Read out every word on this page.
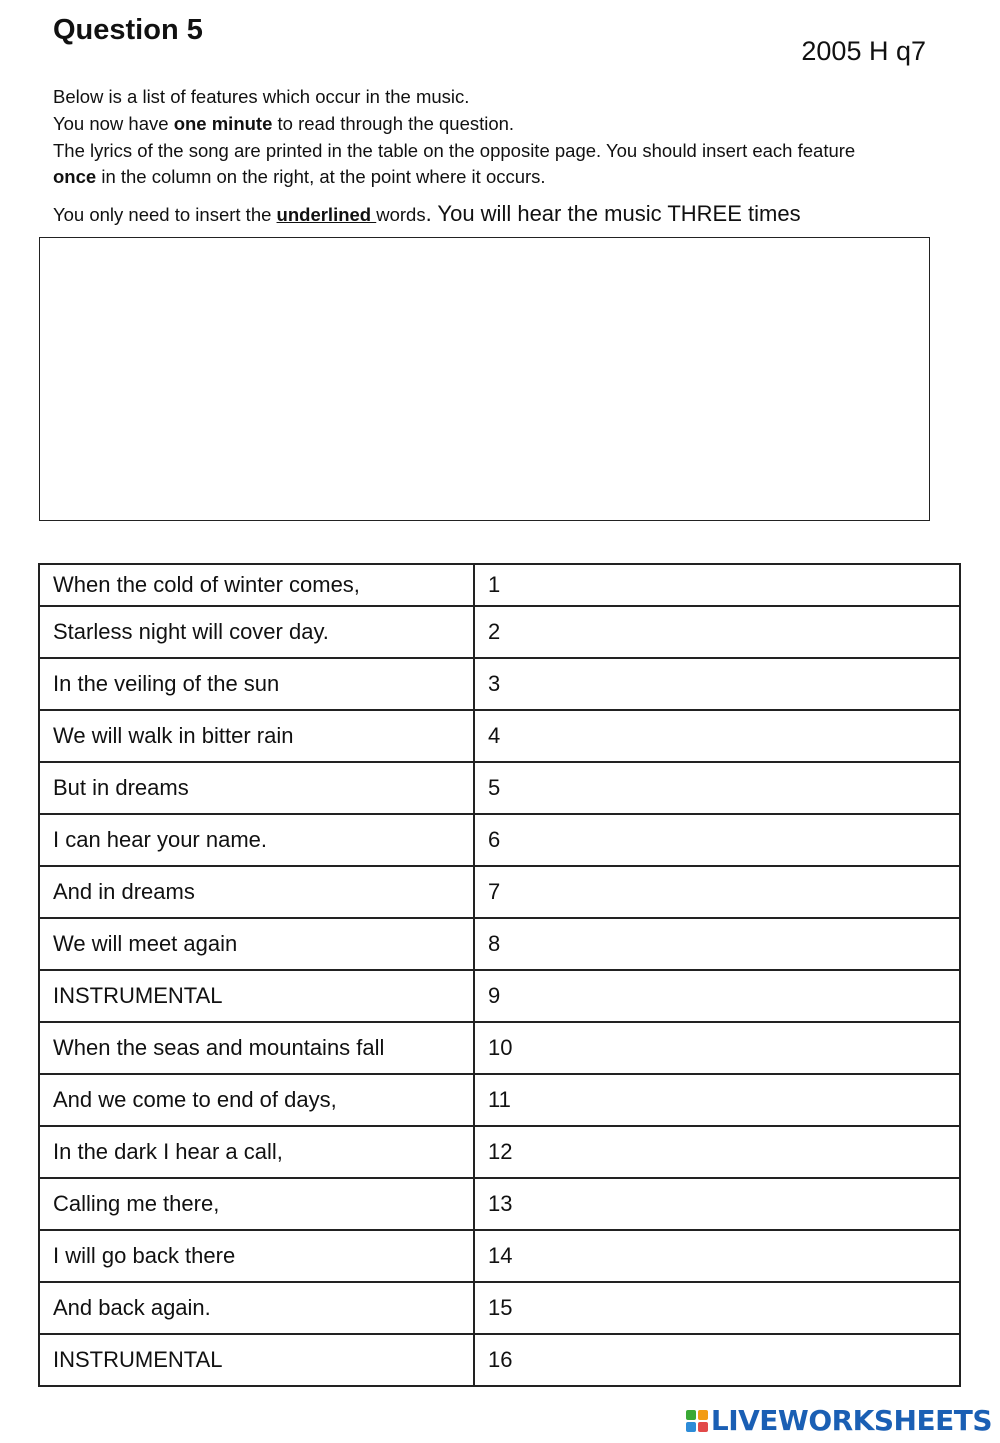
Question 5
2005 H q7
Below is a list of features which occur in the music.
You now have one minute to read through the question.
The lyrics of the song are printed in the table on the opposite page. You should insert each feature
once in the column on the right, at the point where it occurs.
You only need to insert the underlined words. You will hear the music THREE times
When the cold of winter comes,	1
Starless night will cover day.	2
In the veiling of the sun	3
We will walk in bitter rain	4
But in dreams	5
I can hear your name.	6
And in dreams	7
We will meet again	8
INSTRUMENTAL	9
When the seas and mountains fall	10
And we come to end of days,	11
In the dark I hear a call,	12
Calling me there,	13
I will go back there	14
And back again.	15
INSTRUMENTAL	16
LIVEWORKSHEETS
